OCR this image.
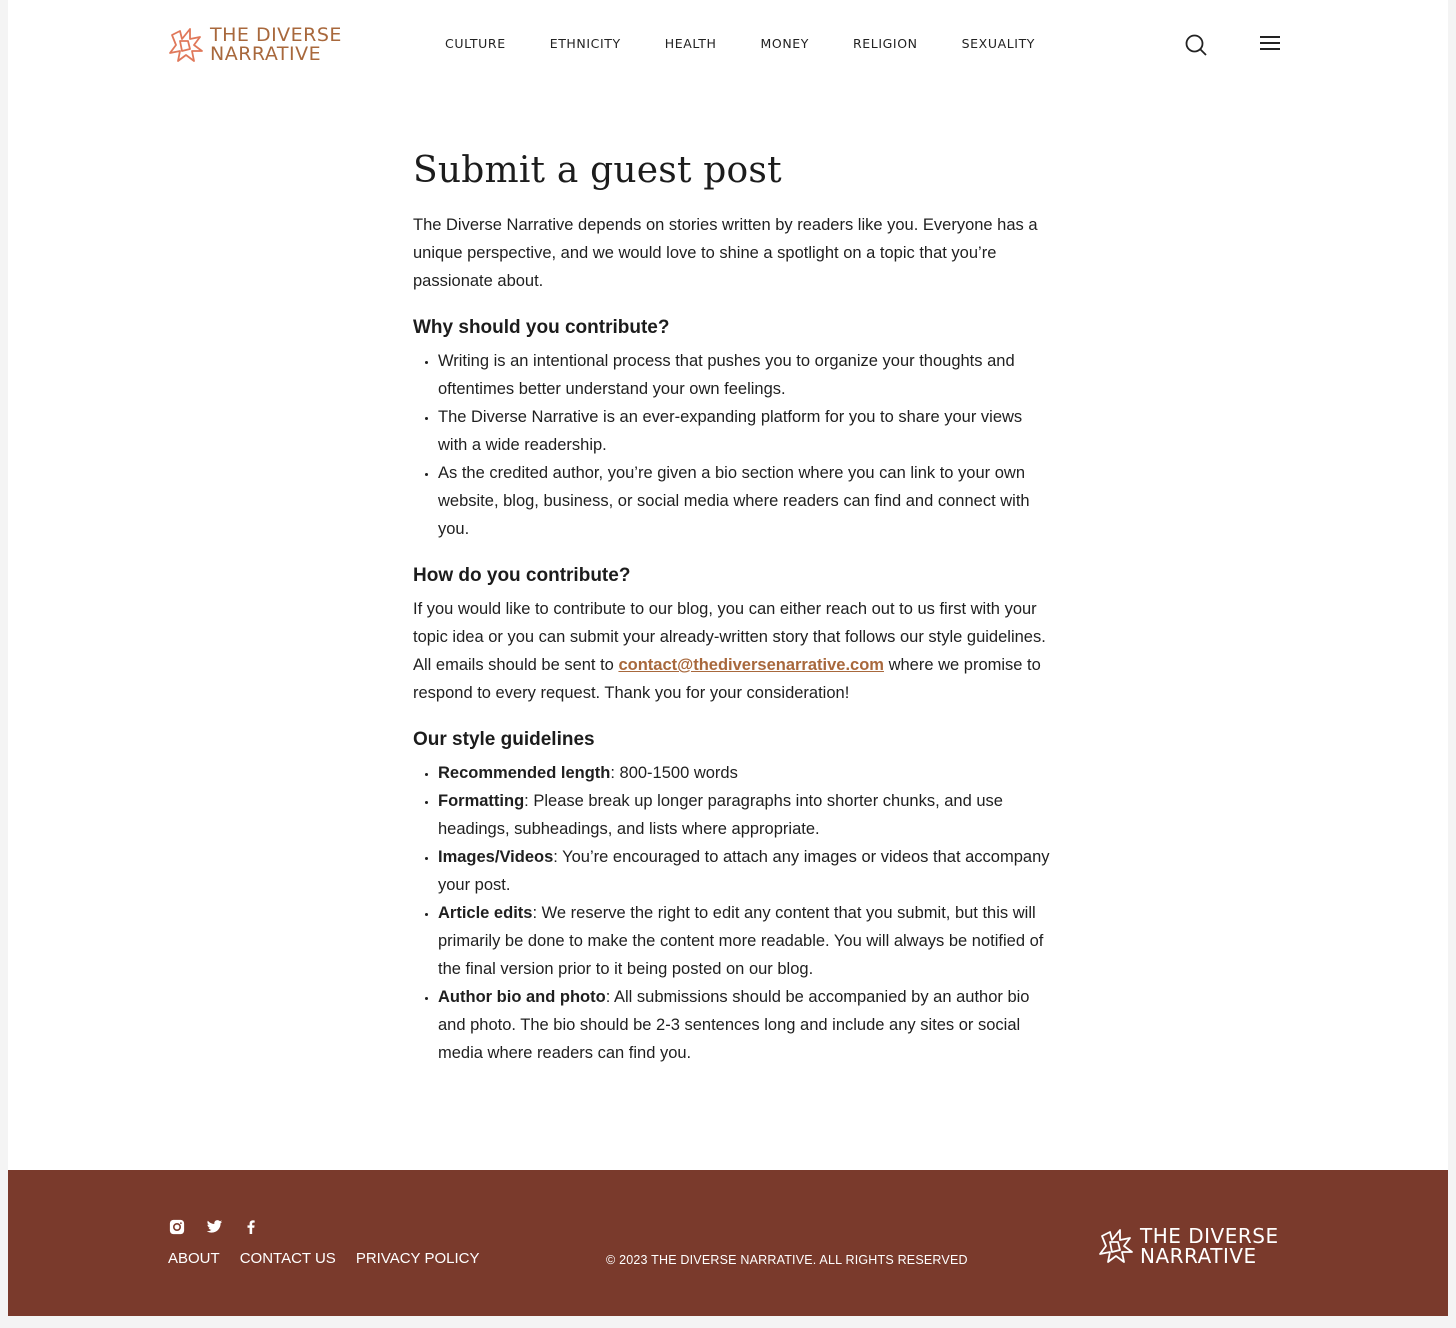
THE DIVERSE
NARRATIVE	CULTURE	ETHNICITY	HEALTH	MONEY	RELIGION	SEXUALITY
Submit a guest post

The Diverse Narrative depends on stories written by readers like you. Everyone has a unique perspective, and we would love to shine a spotlight on a topic that you’re passionate about.

Why should you contribute?
• Writing is an intentional process that pushes you to organize your thoughts and oftentimes better understand your own feelings.
• The Diverse Narrative is an ever-expanding platform for you to share your views with a wide readership.
• As the credited author, you’re given a bio section where you can link to your own website, blog, business, or social media where readers can find and connect with you.
How do you contribute?

If you would like to contribute to our blog, you can either reach out to us first with your topic idea or you can submit your already-written story that follows our style guidelines. All emails should be sent to contact@thediversenarrative.com where we promise to respond to every request. Thank you for your consideration!

Our style guidelines
• Recommended length: 800-1500 words
• Formatting: Please break up longer paragraphs into shorter chunks, and use headings, subheadings, and lists where appropriate.
• Images/Videos: You’re encouraged to attach any images or videos that accompany your post.
• Article edits: We reserve the right to edit any content that you submit, but this will primarily be done to make the content more readable. You will always be notified of the final version prior to it being posted on our blog.
• Author bio and photo: All submissions should be accompanied by an author bio and photo. The bio should be 2-3 sentences long and include any sites or social media where readers can find you.
ABOUT CONTACT US PRIVACY POLICY	© 2023 THE DIVERSE NARRATIVE. ALL RIGHTS RESERVED
THE DIVERSE
NARRATIVE
